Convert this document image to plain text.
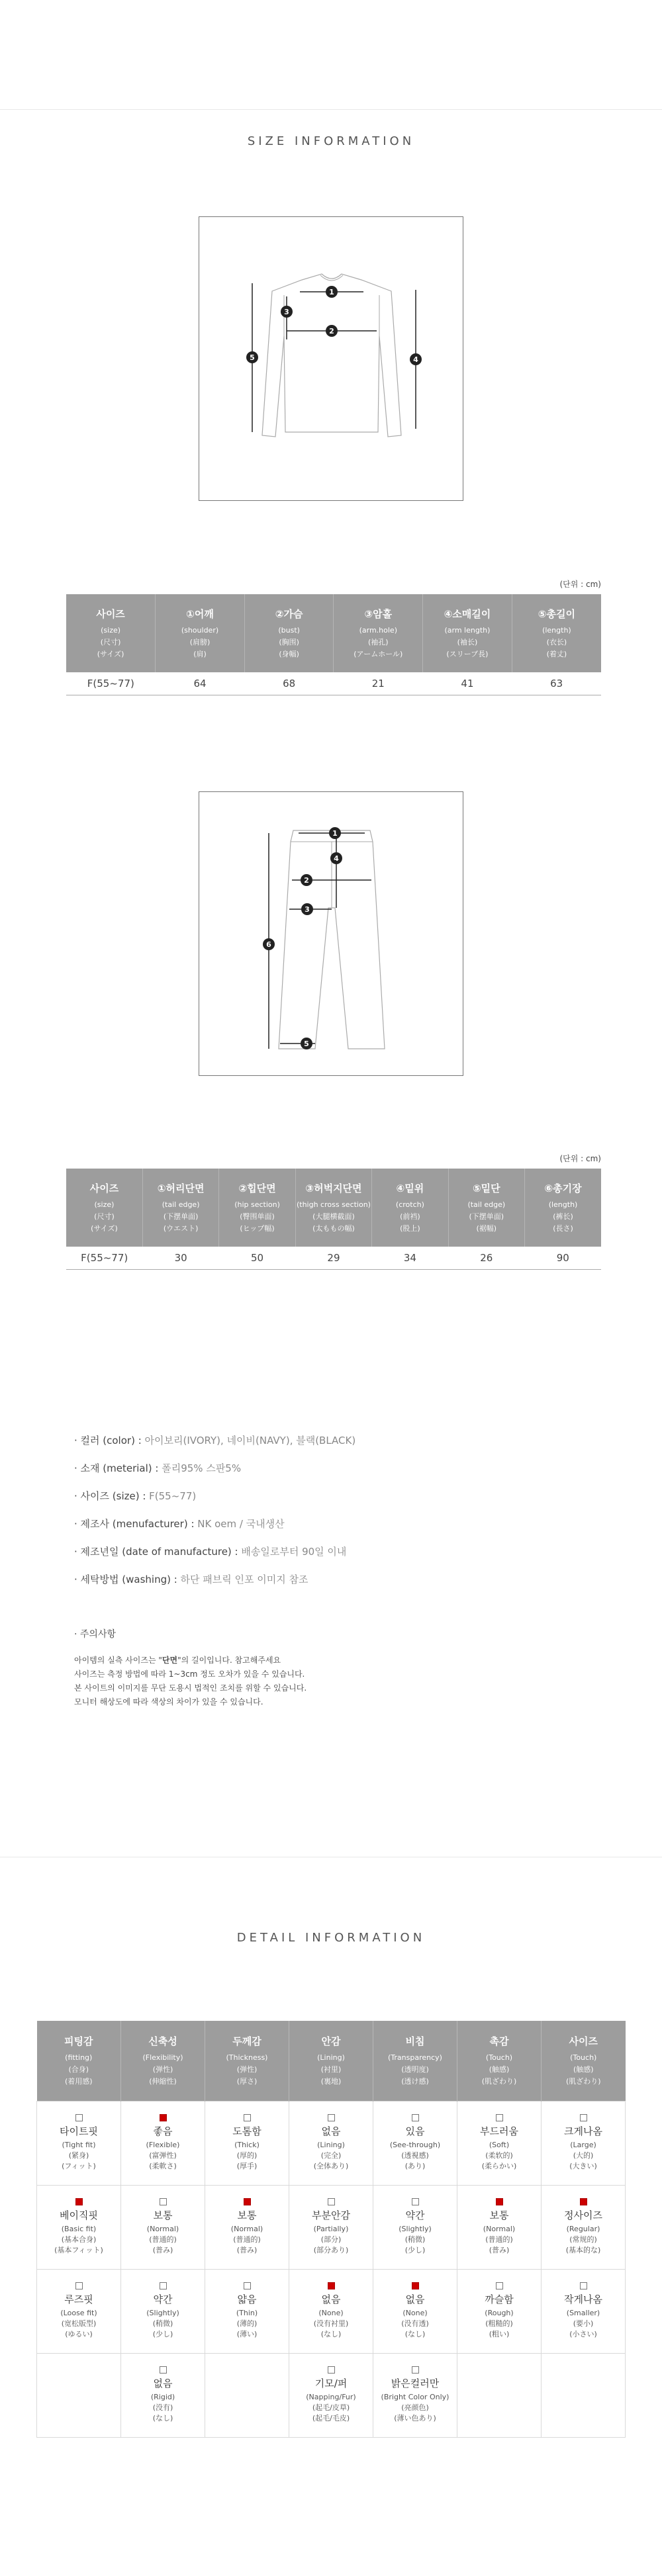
SIZE INFORMATION
1
2
3
4
5
(단위 : cm)
사이즈
(size)
(尺寸)
(サイズ)	①어깨
(shoulder)
(肩膀)
(肩)	②가슴
(bust)
(胸围)
(身幅)	③암홀
(arm.hole)
(袖孔)
(アームホール)	④소매길이
(arm length)
(袖长)
(スリーブ長)	⑤총길이
(length)
(衣长)
(着丈)

F(55~77)	64	68	21	41	63
1
2
3
4
5
6
(단위 : cm)
사이즈
(size)
(尺寸)
(サイズ)	①허리단면
(tail edge)
(下摆单面)
(ウエスト)	②힙단면
(hip section)
(臀围单面)
(ヒップ幅)	③허벅지단면
(thigh cross section)
(大腿横截面)
(太ももの幅)	④밑위
(crotch)
(前裆)
(股上)	⑤밑단
(tail edge)
(下摆单面)
(裾幅)	⑥총기장
(length)
(裤长)
(長さ)

F(55~77)	30	50	29	34	26	90
· 컬러 (color) : 아이보리(IVORY), 네이비(NAVY), 블랙(BLACK)
· 소재 (meterial) : 폴리95% 스판5%
· 사이즈 (size) : F(55~77)
· 제조사 (menufacturer) : NK oem / 국내생산
· 제조년일 (date of manufacture) : 배송일로부터 90일 이내
· 세탁방법 (washing) : 하단 패브릭 인포 이미지 참조
· 주의사항
아이템의 실측 사이즈는 "단면"의 길이입니다. 참고해주세요
사이즈는 측정 방법에 따라 1~3cm 정도 오차가 있을 수 있습니다.
본 사이트의 이미지를 무단 도용시 법적인 조치를 위할 수 있습니다.
모니터 해상도에 따라 색상의 차이가 있을 수 있습니다.
DETAIL INFORMATION
피팅감
(fitting)
(合身)
(着用感)	신축성
(Flexibility)
(弹性)
(伸縮性)	두께감
(Thickness)
(弹性)
(厚さ)	안감
(Lining)
(衬里)
(裏地)	비침
(Transparency)
(透明度)
(透け感)	촉감
(Touch)
(触感)
(肌ざわり)	사이즈
(Touch)
(触感)
(肌ざわり)

타이트핏
(Tight fit)
(紧身)
(フィット)	좋음
(Flexible)
(富弹性)
(柔軟さ)	도톰함
(Thick)
(厚的)
(厚手)	없음
(Lining)
(完全)
(全体あり)	있음
(See-through)
(透視感)
(あり)	부드러움
(Soft)
(柔软的)
(柔らかい)	크게나옴
(Large)
(大的)
(大きい)

베이직핏
(Basic fit)
(基本合身)
(基本フィット)	보통
(Normal)
(普通的)
(普み)	보통
(Normal)
(普通的)
(普み)	부분안감
(Partially)
(部分)
(部分あり)	약간
(Slightly)
(稍微)
(少し)	보통
(Normal)
(普通的)
(普み)	정사이즈
(Regular)
(常规的)
(基本的な)

루즈핏
(Loose fit)
(宽松版型)
(ゆるい)	약간
(Slightly)
(稍微)
(少し)	얇음
(Thin)
(薄的)
(薄い)	없음
(None)
(没有衬里)
(なし)	없음
(None)
(没有透)
(なし)	까슬함
(Rough)
(粗糙的)
(粗い)	작게나옴
(Smaller)
(要小)
(小さい)

	없음
(Rigid)
(没有)
(なし)		기모/퍼
(Napping/Fur)
(起毛/皮草)
(起毛/毛皮)	밝은컬러만
(Bright Color Only)
(亮颜色)
(薄い色あり)		
